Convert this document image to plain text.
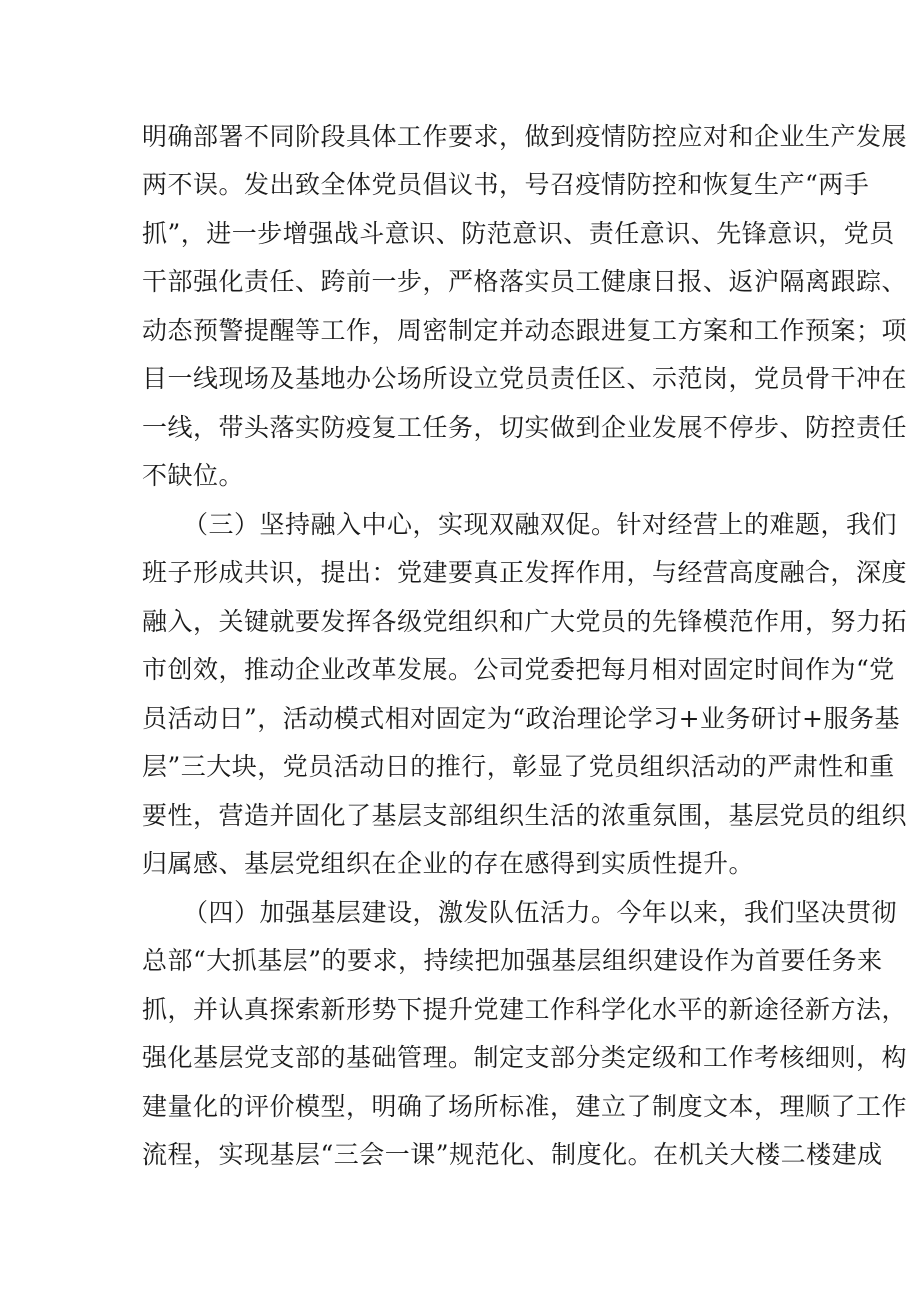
明确部署不同阶段具体工作要求，做到疫情防控应对和企业生产发展
两不误。发出致全体党员倡议书，号召疫情防控和恢复生产“两手
抓”，进一步增强战斗意识、防范意识、责任意识、先锋意识，党员
干部强化责任、跨前一步，严格落实员工健康日报、返沪隔离跟踪、
动态预警提醒等工作，周密制定并动态跟进复工方案和工作预案；项
目一线现场及基地办公场所设立党员责任区、示范岗，党员骨干冲在
一线，带头落实防疫复工任务，切实做到企业发展不停步、防控责任
不缺位。
（三）坚持融入中心，实现双融双促。针对经营上的难题，我们
班子形成共识，提出：党建要真正发挥作用，与经营高度融合，深度
融入，关键就要发挥各级党组织和广大党员的先锋模范作用，努力拓
市创效，推动企业改革发展。公司党委把每月相对固定时间作为“党
员活动日”，活动模式相对固定为“政治理论学习+业务研讨+服务基
层”三大块，党员活动日的推行，彰显了党员组织活动的严肃性和重
要性，营造并固化了基层支部组织生活的浓重氛围，基层党员的组织
归属感、基层党组织在企业的存在感得到实质性提升。
（四）加强基层建设，激发队伍活力。今年以来，我们坚决贯彻
总部“大抓基层”的要求，持续把加强基层组织建设作为首要任务来
抓，并认真探索新形势下提升党建工作科学化水平的新途径新方法，
强化基层党支部的基础管理。制定支部分类定级和工作考核细则，构
建量化的评价模型，明确了场所标准，建立了制度文本，理顺了工作
流程，实现基层“三会一课”规范化、制度化。在机关大楼二楼建成
